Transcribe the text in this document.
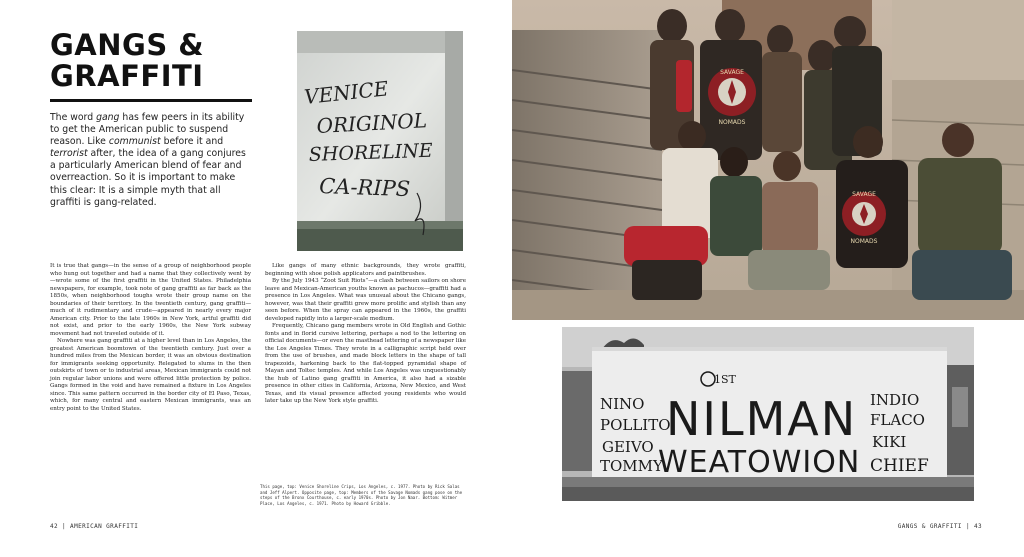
GANGS &
GRAFFITI
The word gang has few peers in its ability to get the American public to suspend reason. Like communist before it and terrorist after, the idea of a gang conjures a particularly American blend of fear and overreaction. So it is important to make this clear: It is a simple myth that all graffiti is gang-related.
VENICE
ORIGINOL
SHORELINE
CA-RIPS

It is true that gangs—in the sense of a group of neighborhood people who hung out together and had a name that they collectively went by—wrote some of the first graffiti in the United States. Philadelphia newspapers, for example, took note of gang graffiti as far back as the 1850s, when neighborhood toughs wrote their group name on the boundaries of their territory. In the twentieth century, gang graffiti—much of it rudimentary and crude—appeared in nearly every major American city. Prior to the late 1960s in New York, artful graffiti did not exist, and prior to the early 1960s, the New York subway movement had not traveled outside of it.

Nowhere was gang graffiti at a higher level than in Los Angeles, the greatest American boomtown of the twentieth century. Just over a hundred miles from the Mexican border, it was an obvious destination for immigrants seeking opportunity. Relegated to slums in the then outskirts of town or to industrial areas, Mexican immigrants could not join regular labor unions and were offered little protection by police. Gangs formed in the void and have remained a fixture in Los Angeles since. This same pattern occurred in the border city of El Paso, Texas, which, for many central and eastern Mexican immigrants, was an entry point to the United States.

Like gangs of many ethnic backgrounds, they wrote graffiti, beginning with shoe polish applicators and paintbrushes.

By the July 1943 “Zoot Suit Riots”—a clash between sailors on shore leave and Mexican-American youths known as pachucos—graffiti had a presence in Los Angeles. What was unusual about the Chicano gangs, however, was that their graffiti grew more prolific and stylish than any seen before. When the spray can appeared in the 1960s, the graffiti developed rapidly into a larger-scale medium.

Frequently, Chicano gang members wrote in Old English and Gothic fonts and in florid cursive lettering, perhaps a nod to the lettering on official documents—or even the masthead lettering of a newspaper like the Los Angeles Times. They wrote in a calligraphic script held over from the use of brushes, and made block letters in the shape of tall trapezoids, harkening back to the flat-topped pyramidal shape of Mayan and Toltec temples. And while Los Angeles was unquestionably the hub of Latino gang graffiti in America, it also had a sizable presence in other cities in California, Arizona, New Mexico, and West Texas, and its visual presence affected young residents who would later take up the New York style graffiti.

42 | AMERICAN GRAFFITI
SAVAGE
NOMADS
SAVAGE
NOMADS
NINO
POLLITO
GEIVO
TOMMY
1ST
NILMAN
WEATOWION
INDIO
FLACO
KIKI
CHIEF
GANGS & GRAFFITI | 43
This page, top: Venice Shoreline Crips, Los Angeles, c. 1977. Photo by Rick Salas and Jeff Alpert. Opposite page, top: Members of the Savage Nomads gang pose on the steps of the Bronx Courthouse, c. early 1970s. Photo by Jon Naar. Bottom: Witmer Place, Los Angeles, c. 1971. Photo by Howard Gribble.
